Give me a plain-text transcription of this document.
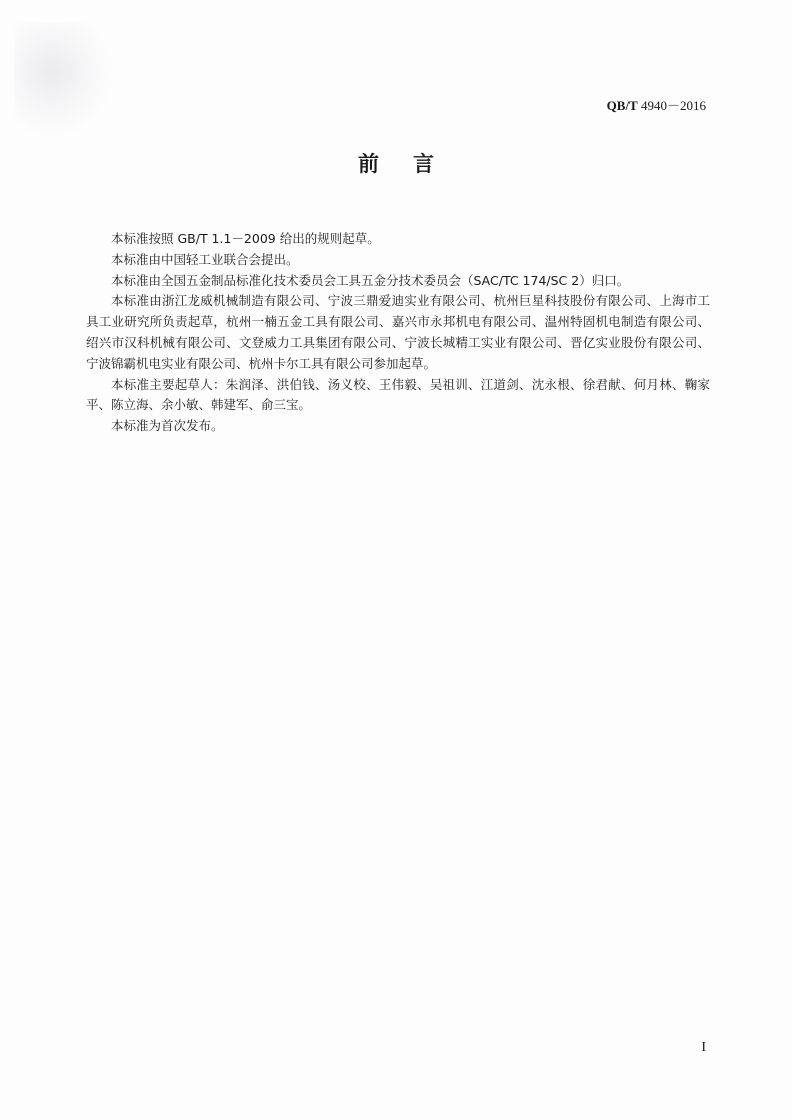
QB/T 4940－2016
前言

本标准按照 GB/T 1.1－2009 给出的规则起草。

本标准由中国轻工业联合会提出。

本标准由全国五金制品标准化技术委员会工具五金分技术委员会（SAC/TC 174/SC 2）归口。

本标准由浙江龙威机械制造有限公司、宁波三鼎爱迪实业有限公司、杭州巨星科技股份有限公司、上海市工具工业研究所负责起草，杭州一楠五金工具有限公司、嘉兴市永邦机电有限公司、温州特固机电制造有限公司、绍兴市汉科机械有限公司、文登威力工具集团有限公司、宁波长城精工实业有限公司、晋亿实业股份有限公司、宁波锦霸机电实业有限公司、杭州卡尔工具有限公司参加起草。

本标准主要起草人：朱润泽、洪伯钱、汤义校、王伟毅、吴祖训、江道剑、沈永根、徐君献、何月林、鞠家平、陈立海、余小敏、韩建军、俞三宝。

本标准为首次发布。

I
